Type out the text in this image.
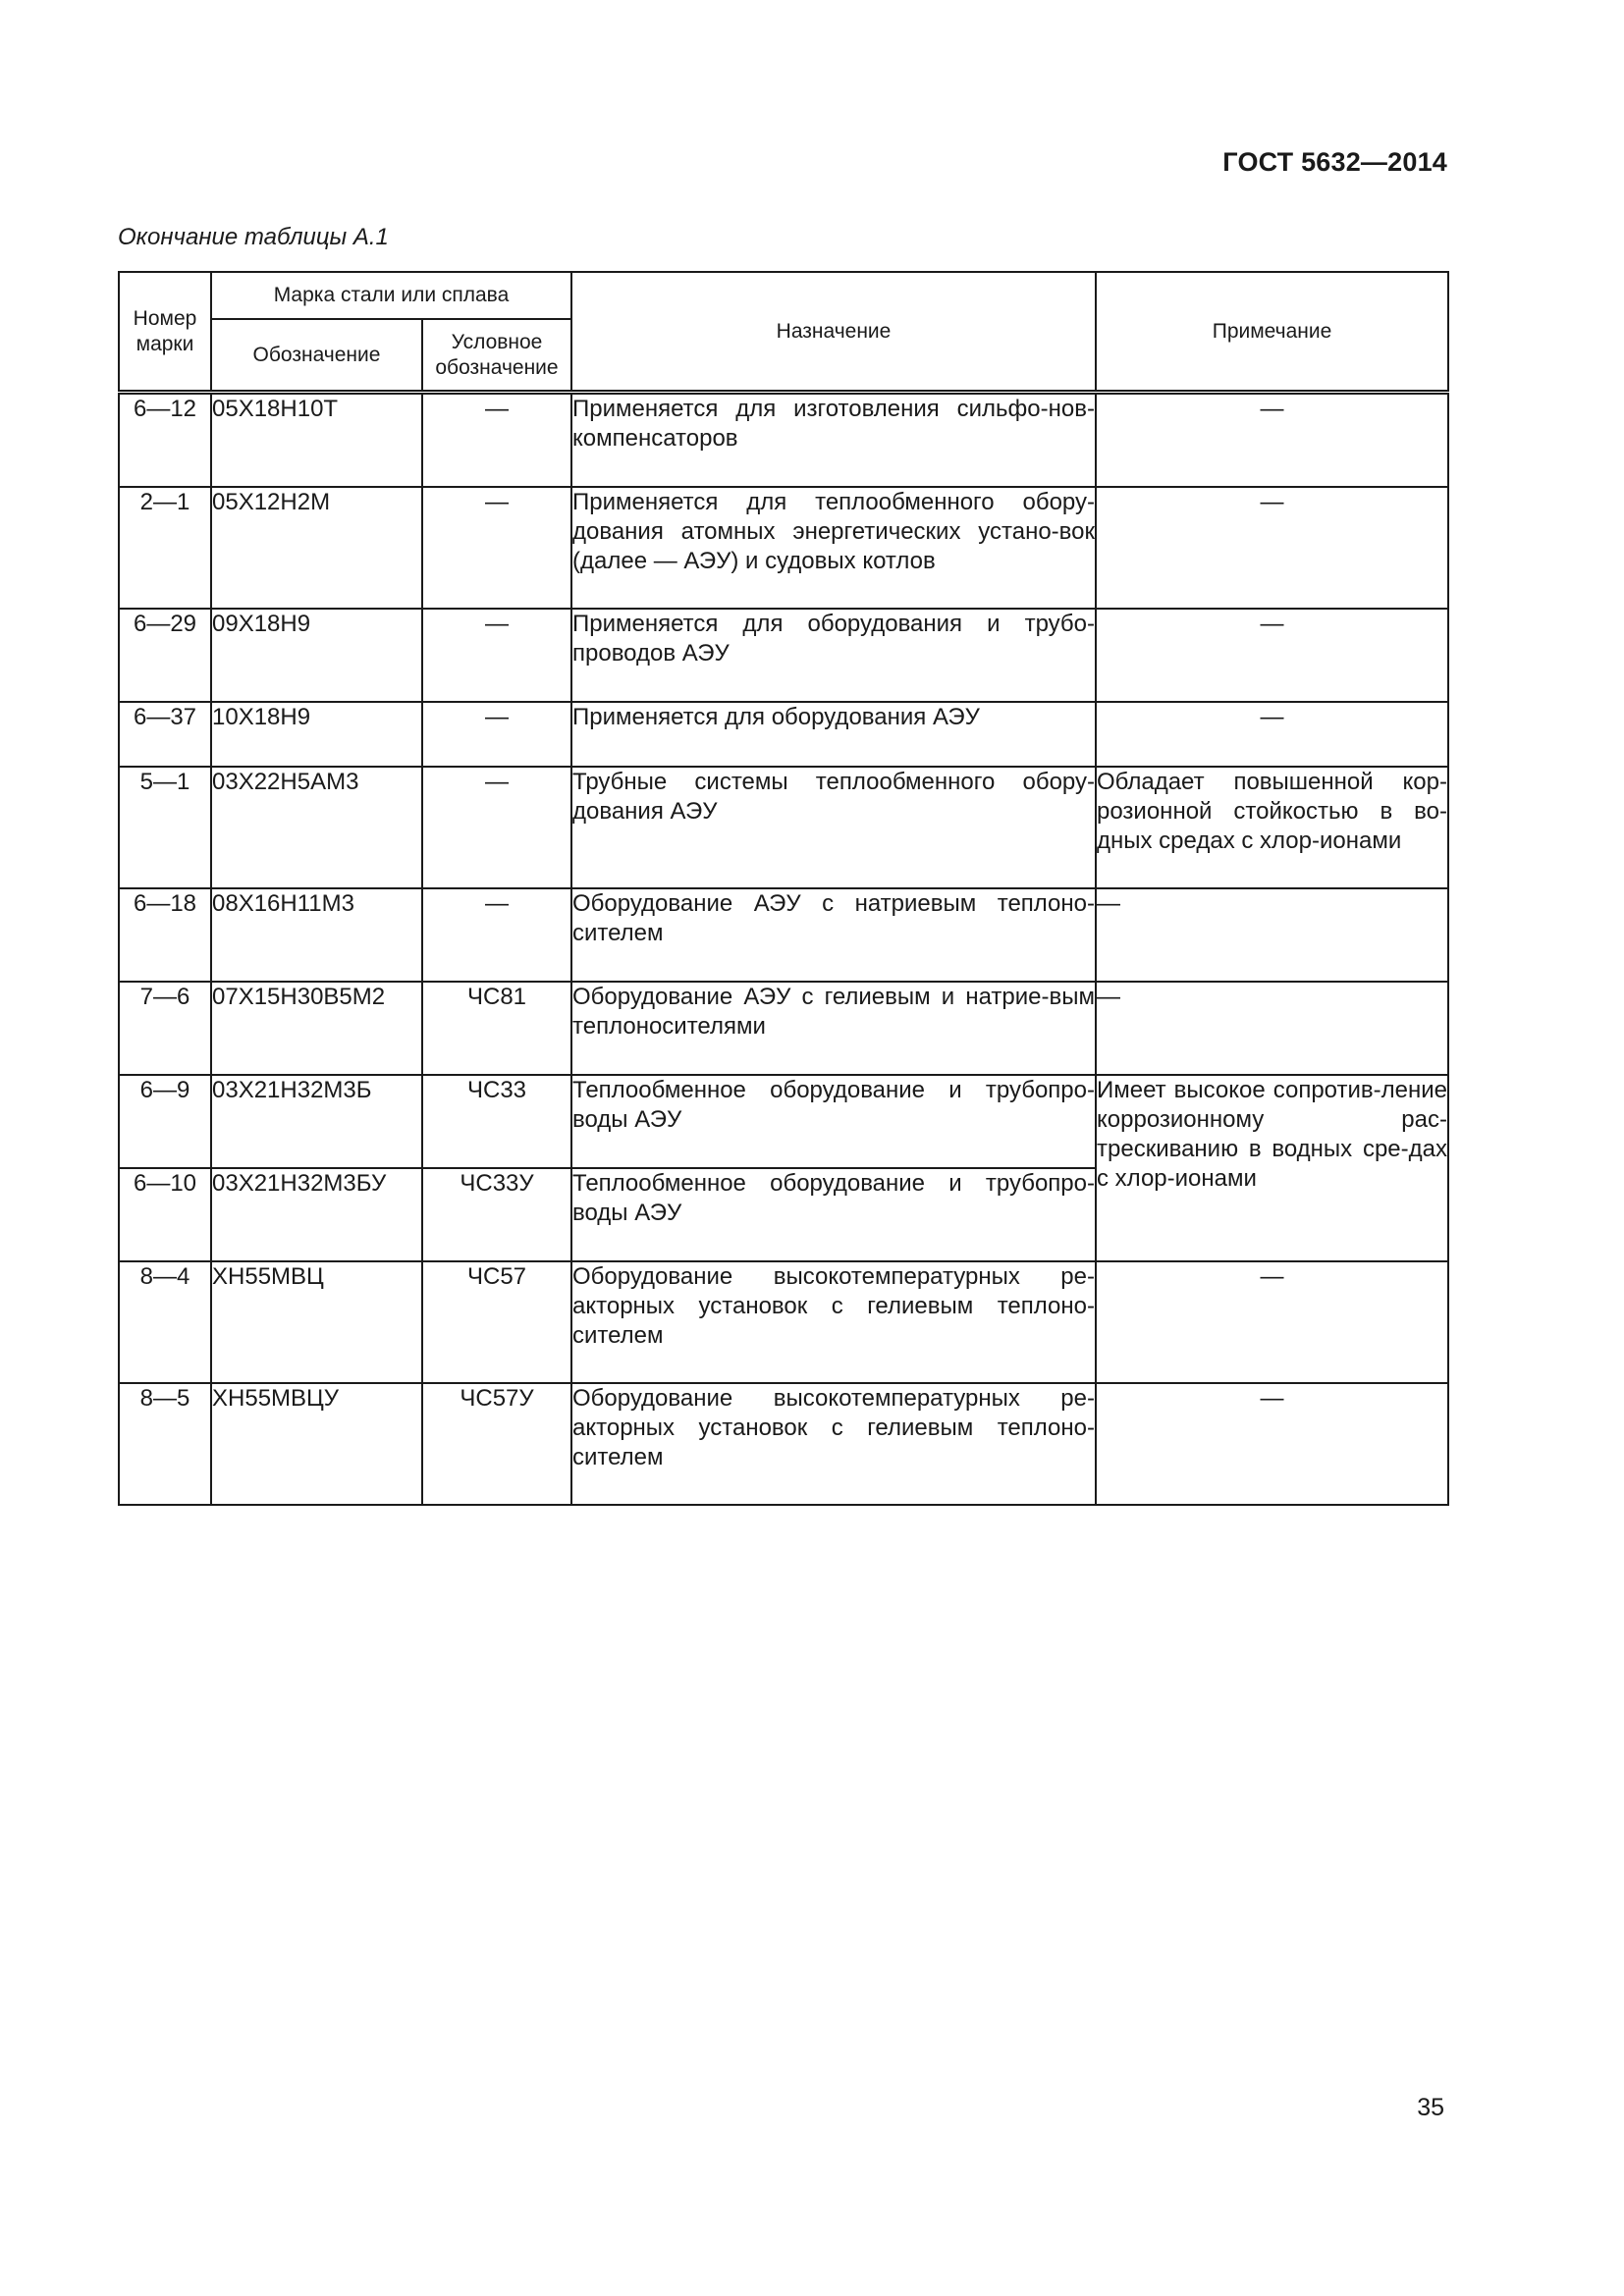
ГОСТ 5632—2014
Окончание таблицы А.1
Номер марки	Марка стали или сплава		Назначение	Примечание
	Обозначение	Условное обозначение		
6—12	05Х18Н10Т	—	Применяется для изготовления сильфо-нов-компенсаторов	—
2—1	05Х12Н2М	—	Применяется для теплообменного обору-дования атомных энергетических устано-вок (далее — АЭУ) и судовых котлов	—
6—29	09Х18Н9	—	Применяется для оборудования и трубо-проводов АЭУ	—
6—37	10Х18Н9	—	Применяется для оборудования АЭУ	—
5—1	03Х22Н5АМ3	—	Трубные системы теплообменного обору-дования АЭУ	Обладает повышенной кор-розионной стойкостью в во-дных средах с хлор-ионами
6—18	08Х16Н11М3	—	Оборудование АЭУ с натриевым теплоно-сителем	—
7—6	07Х15Н30В5М2	ЧС81	Оборудование АЭУ с гелиевым и натрие-вым теплоносителями	—
6—9	03Х21Н32М3Б	ЧС33	Теплообменное оборудование и трубопро-воды АЭУ	Имеет высокое сопротив-ление коррозионному рас-трескиванию в водных сре-дах с хлор-ионами
6—10	03Х21Н32М3БУ	ЧС33У	Теплообменное оборудование и трубопро-воды АЭУ	
8—4	ХН55МВЦ	ЧС57	Оборудование высокотемпературных ре-акторных установок с гелиевым теплоно-сителем	—
8—5	ХН55МВЦУ	ЧС57У	Оборудование высокотемпературных ре-акторных установок с гелиевым теплоно-сителем	—
35
